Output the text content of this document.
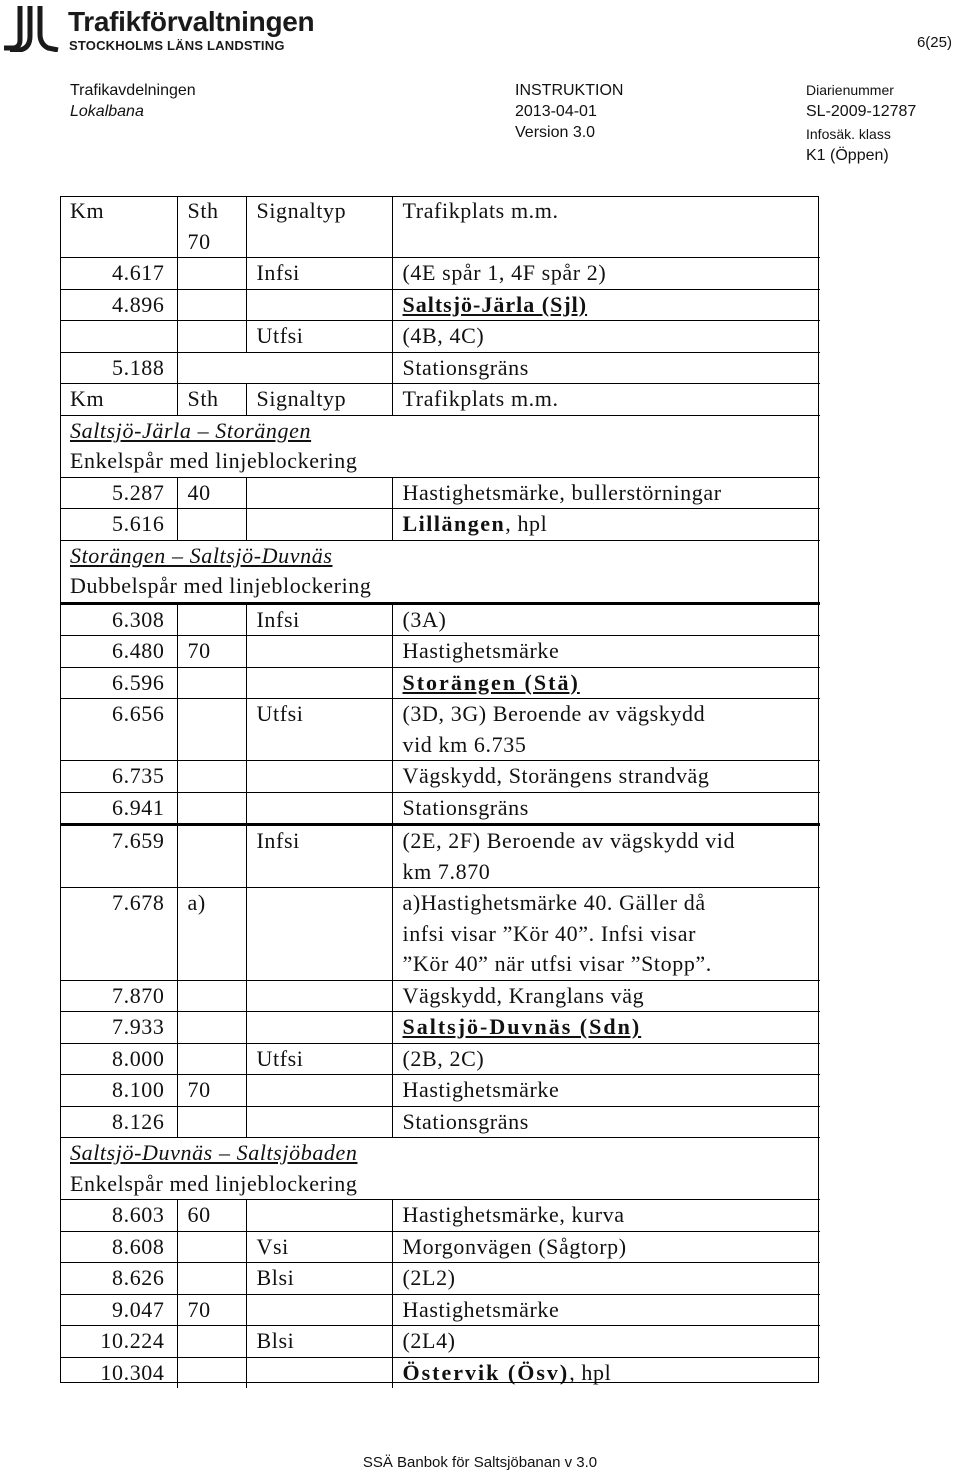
Trafikförvaltningen
STOCKHOLMS LÄNS LANDSTING	6(25)
Trafikavdelningen
Lokalbana
INSTRUKTION
2013-04-01
Version 3.0
Diarienummer
SL-2009-12787
Infosäk. klass
K1 (Öppen)
Km	Sth	Signaltyp	Trafikplats m.m.
	70		
4.617		Infsi	(4E spår 1, 4F spår 2)
4.896			Saltsjö-Järla (Sjl)
		Utfsi	(4B, 4C)
5.188			Stationsgräns
Km	Sth	Signaltyp	Trafikplats m.m.
Saltsjö-Järla – Storängen			
Enkelspår med linjeblockering			
5.287	40		Hastighetsmärke, bullerstörningar
5.616			Lillängen, hpl
Storängen – Saltsjö-Duvnäs			
Dubbelspår med linjeblockering			
6.308		Infsi	(3A)
6.480	70		Hastighetsmärke
6.596			Storängen (Stä)
6.656		Utfsi	(3D, 3G) Beroende av vägskydd
vid km 6.735

6.735			Vägskydd, Storängens strandväg
6.941			Stationsgräns
7.659		Infsi	(2E, 2F) Beroende av vägskydd vid
km 7.870

7.678	a)		a)Hastighetsmärke 40. Gäller då
infsi visar ”Kör 40”. Infsi visar
”Kör 40” när utfsi visar ”Stopp”.

7.870			Vägskydd, Kranglans väg
7.933			Saltsjö-Duvnäs (Sdn)
8.000		Utfsi	(2B, 2C)
8.100	70		Hastighetsmärke
8.126			Stationsgräns
Saltsjö-Duvnäs – Saltsjöbaden			
Enkelspår med linjeblockering			
8.603	60		Hastighetsmärke, kurva
8.608		Vsi	Morgonvägen (Sågtorp)
8.626		Blsi	(2L2)
9.047	70		Hastighetsmärke
10.224		Blsi	(2L4)
10.304			Östervik (Ösv), hpl
SSÄ Banbok för Saltsjöbanan v 3.0
